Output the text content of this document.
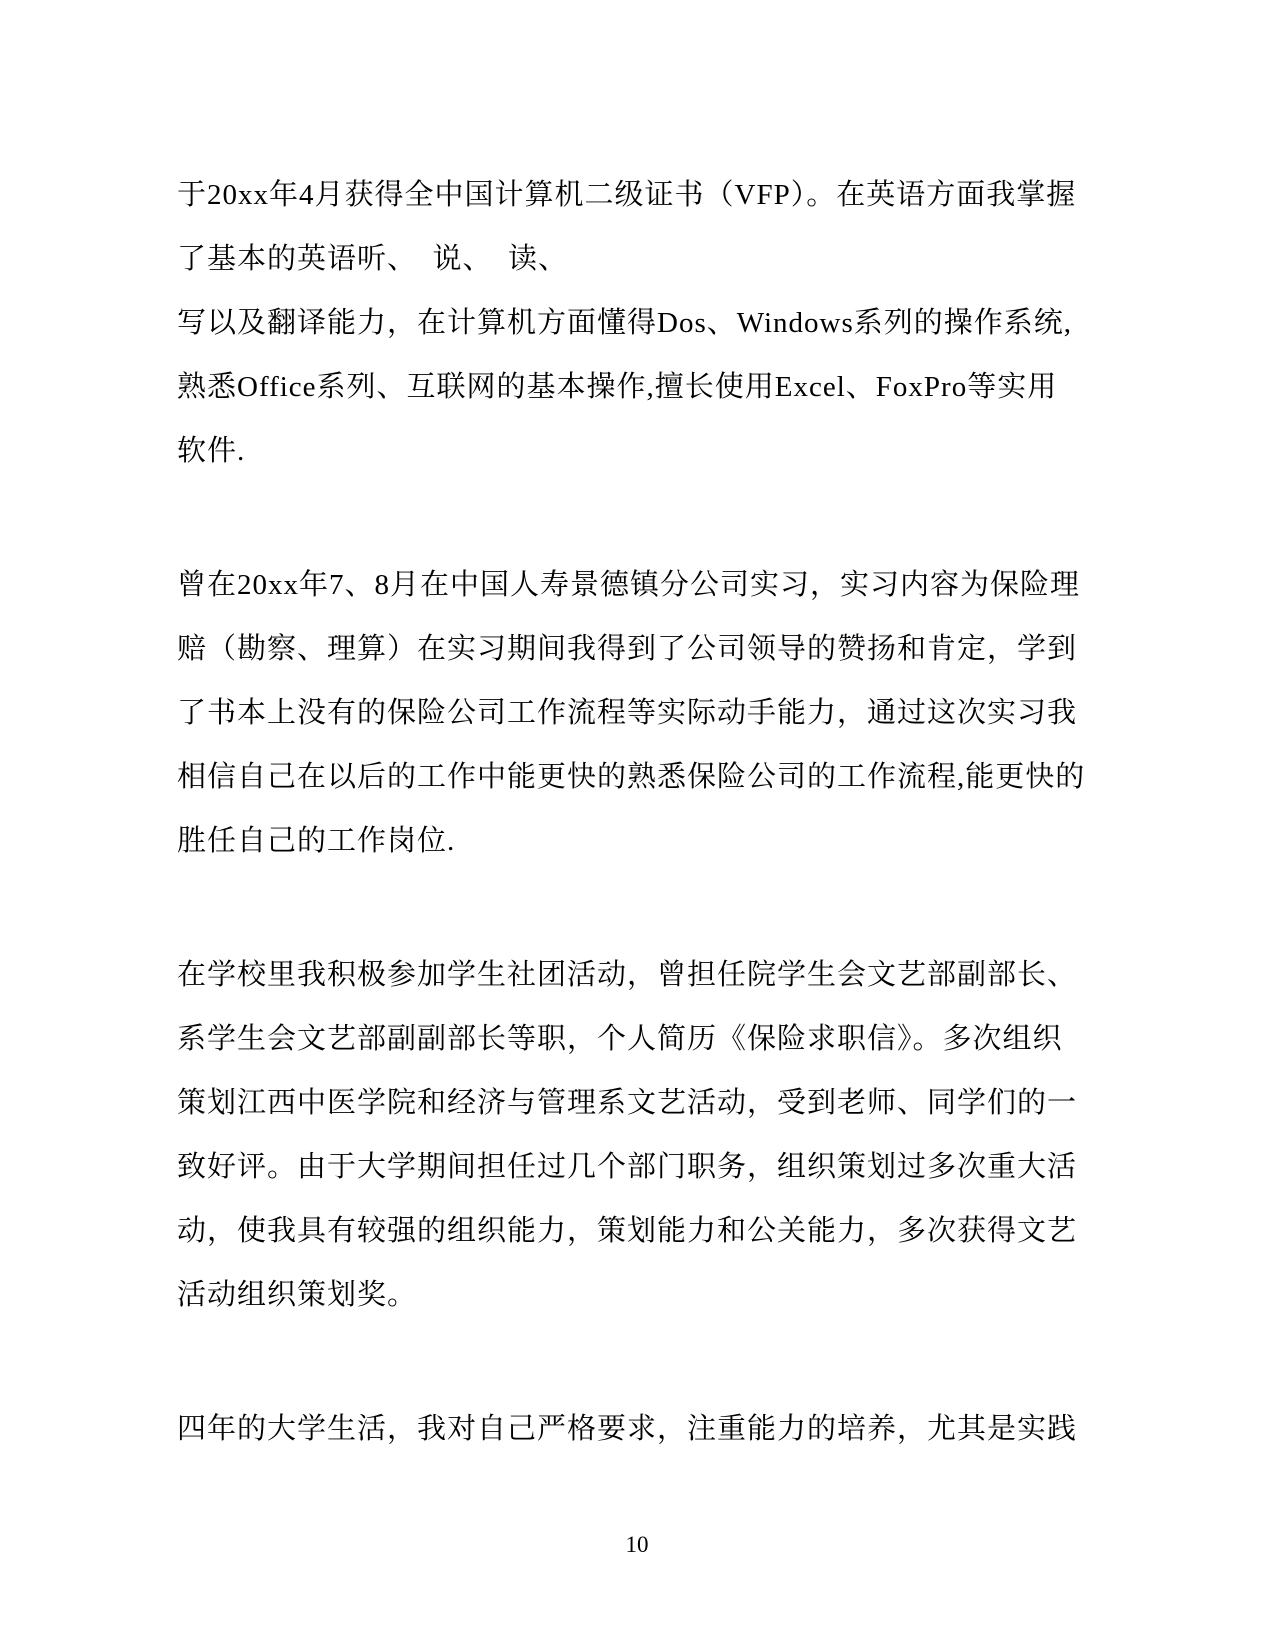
于20xx年4月获得全中国计算机二级证书（VFP）。在英语方面我掌握
了基本的英语听、　说、　读、
写以及翻译能力，在计算机方面懂得Dos、Windows系列的操作系统,
熟悉Office系列、互联网的基本操作,擅长使用Excel、FoxPro等实用
软件.
曾在20xx年7、8月在中国人寿景德镇分公司实习，实习内容为保险理
赔（勘察、理算）在实习期间我得到了公司领导的赞扬和肯定，学到
了书本上没有的保险公司工作流程等实际动手能力，通过这次实习我
相信自己在以后的工作中能更快的熟悉保险公司的工作流程,能更快的
胜任自己的工作岗位.
在学校里我积极参加学生社团活动，曾担任院学生会文艺部副部长、
系学生会文艺部副副部长等职，个人简历《保险求职信》。多次组织
策划江西中医学院和经济与管理系文艺活动，受到老师、同学们的一
致好评。由于大学期间担任过几个部门职务，组织策划过多次重大活
动，使我具有较强的组织能力，策划能力和公关能力，多次获得文艺
活动组织策划奖。
四年的大学生活，我对自己严格要求，注重能力的培养，尤其是实践
10
